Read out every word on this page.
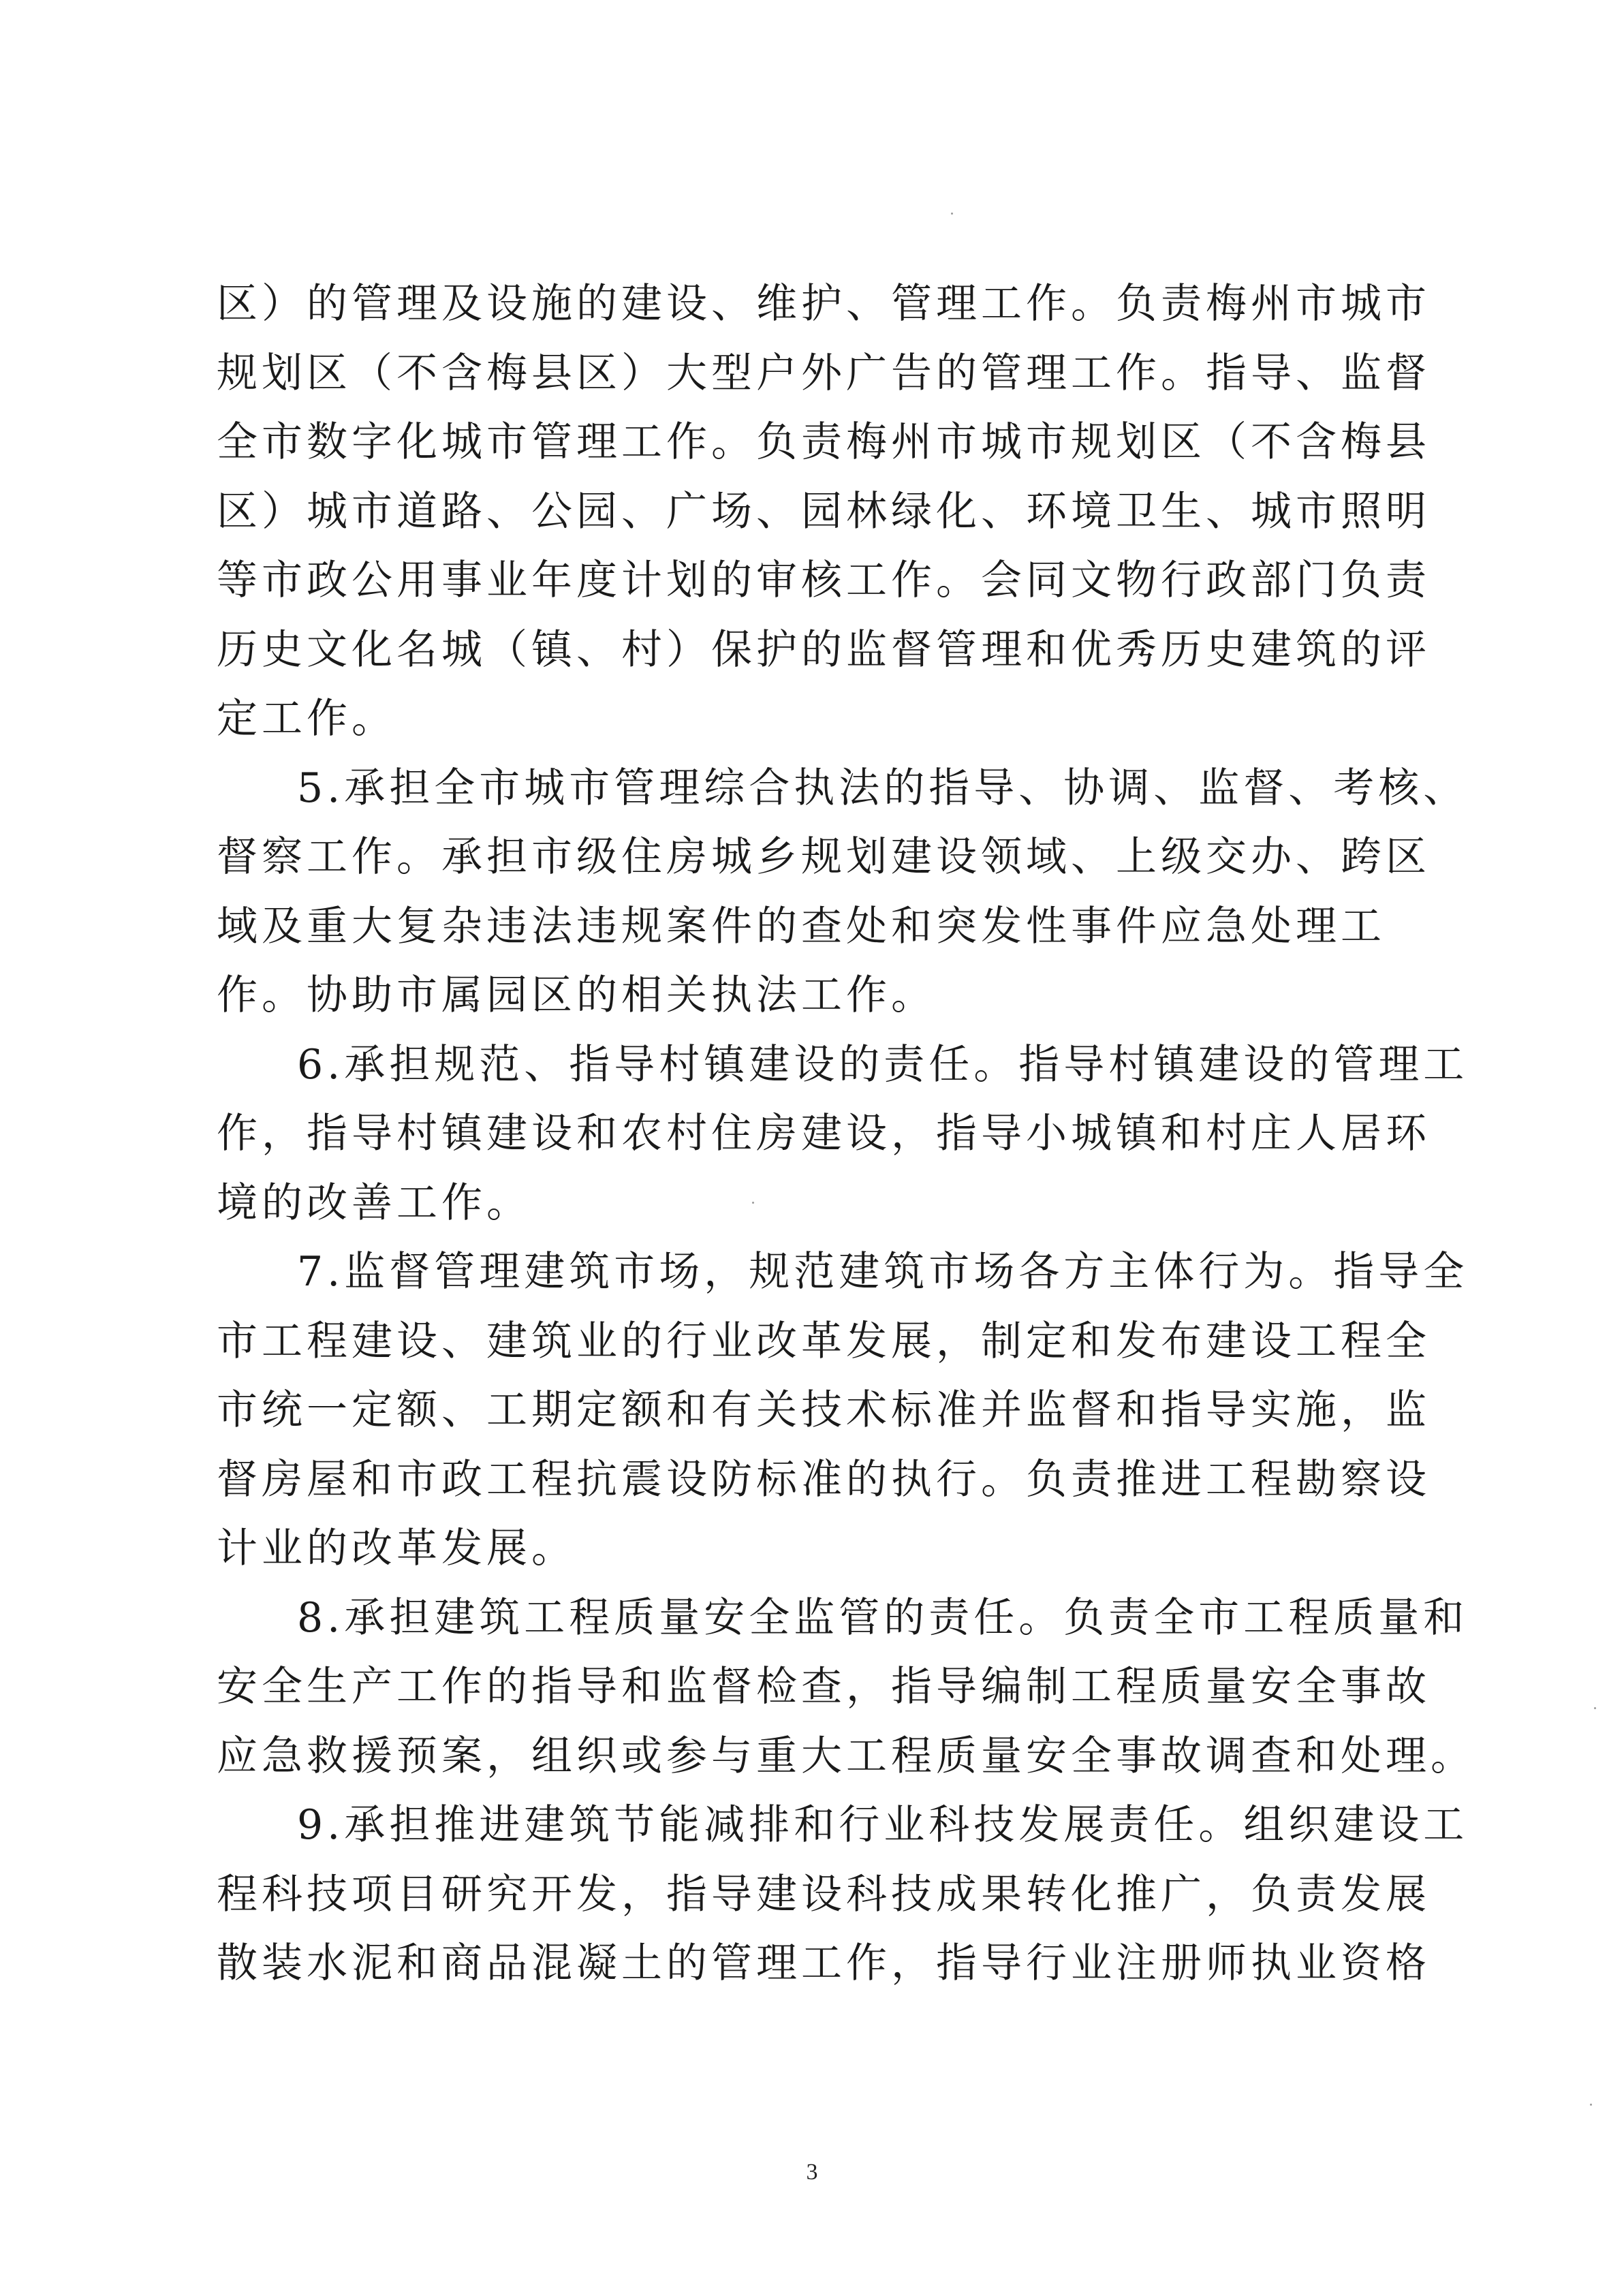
区）的管理及设施的建设、维护、管理工作。负责梅州市城市
规划区（不含梅县区）大型户外广告的管理工作。指导、监督
全市数字化城市管理工作。负责梅州市城市规划区（不含梅县
区）城市道路、公园、广场、园林绿化、环境卫生、城市照明
等市政公用事业年度计划的审核工作。会同文物行政部门负责
历史文化名城（镇、村）保护的监督管理和优秀历史建筑的评
定工作。
5.承担全市城市管理综合执法的指导、协调、监督、考核、
督察工作。承担市级住房城乡规划建设领域、上级交办、跨区
域及重大复杂违法违规案件的查处和突发性事件应急处理工
作。协助市属园区的相关执法工作。
6.承担规范、指导村镇建设的责任。指导村镇建设的管理工
作，指导村镇建设和农村住房建设，指导小城镇和村庄人居环
境的改善工作。
7.监督管理建筑市场，规范建筑市场各方主体行为。指导全
市工程建设、建筑业的行业改革发展，制定和发布建设工程全
市统一定额、工期定额和有关技术标准并监督和指导实施，监
督房屋和市政工程抗震设防标准的执行。负责推进工程勘察设
计业的改革发展。
8.承担建筑工程质量安全监管的责任。负责全市工程质量和
安全生产工作的指导和监督检查，指导编制工程质量安全事故
应急救援预案，组织或参与重大工程质量安全事故调查和处理。
9.承担推进建筑节能减排和行业科技发展责任。组织建设工
程科技项目研究开发，指导建设科技成果转化推广，负责发展
散装水泥和商品混凝土的管理工作，指导行业注册师执业资格
3
